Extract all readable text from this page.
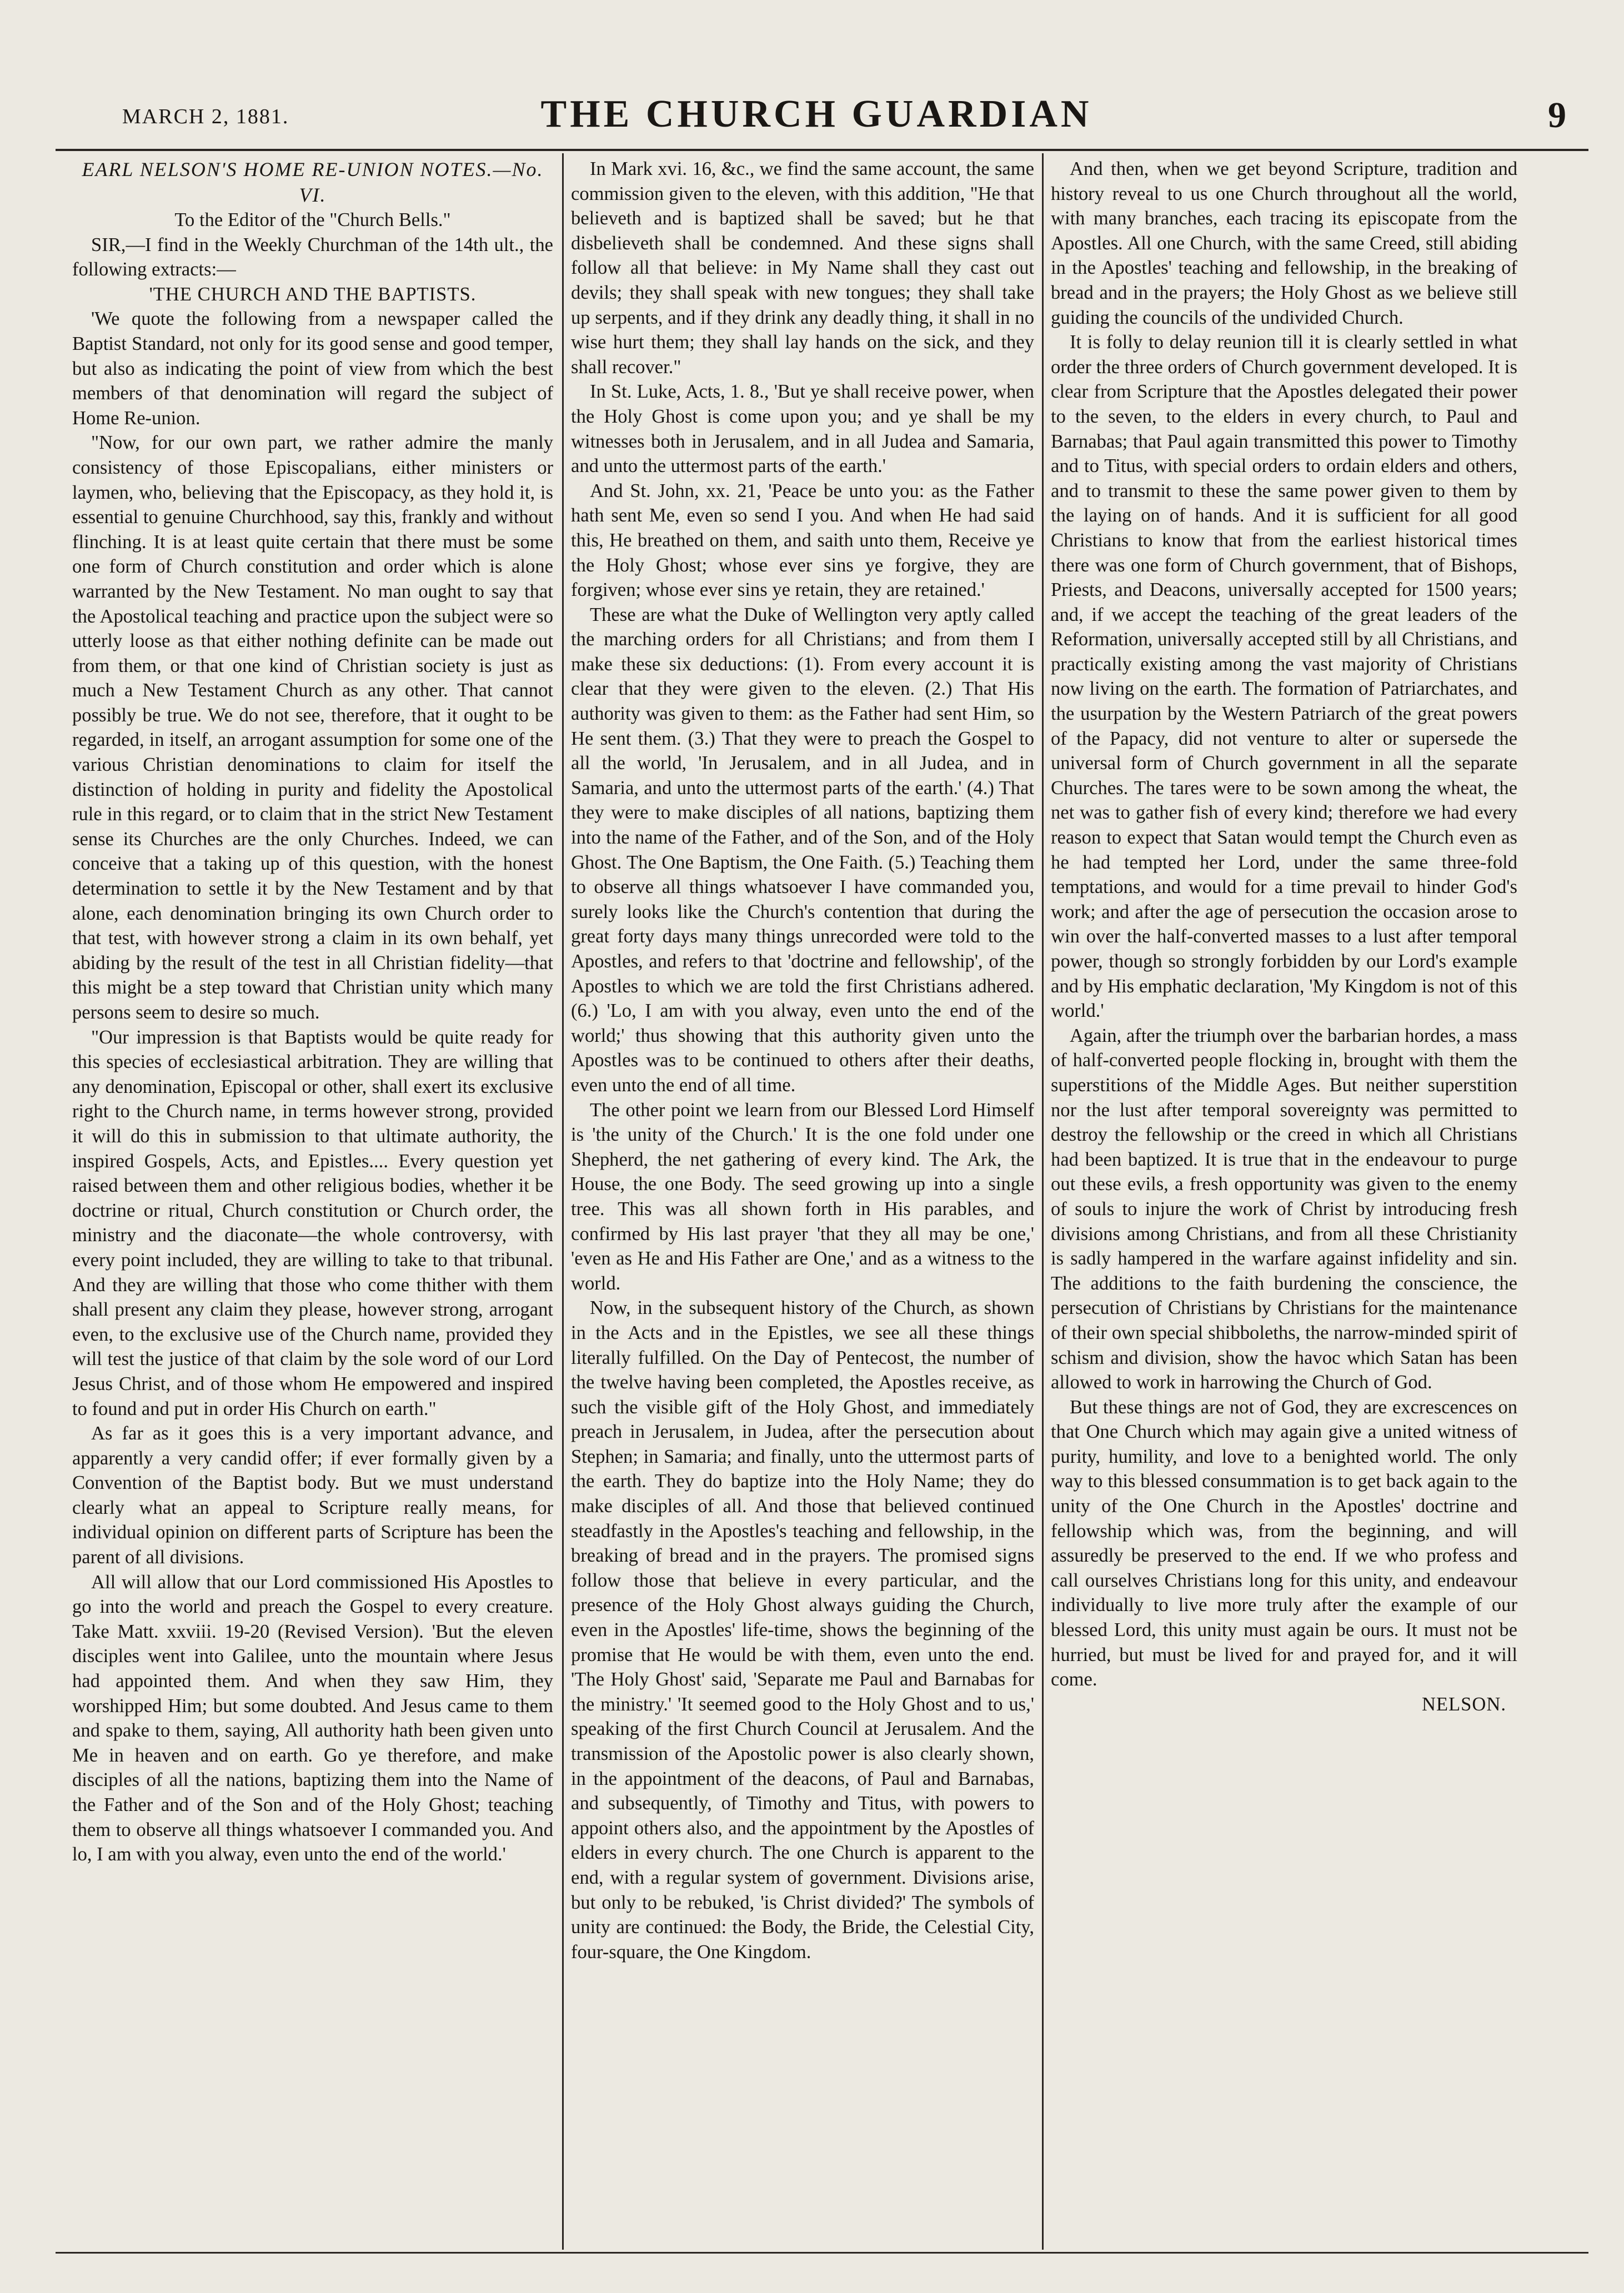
MARCH 2, 1881.	THE CHURCH GUARDIAN	9

EARL NELSON'S HOME RE-UNION NOTES.—No. VI.

To the Editor of the "Church Bells."

SIR,—I find in the Weekly Churchman of the 14th ult., the following extracts:—

'THE CHURCH AND THE BAPTISTS.

'We quote the following from a newspaper called the Baptist Standard, not only for its good sense and good temper, but also as indicating the point of view from which the best members of that denomination will regard the subject of Home Re-union.

"Now, for our own part, we rather admire the manly consistency of those Episcopalians, either ministers or laymen, who, believing that the Episcopacy, as they hold it, is essential to genuine Churchhood, say this, frankly and without flinching. It is at least quite certain that there must be some one form of Church constitution and order which is alone warranted by the New Testament. No man ought to say that the Apostolical teaching and practice upon the subject were so utterly loose as that either nothing definite can be made out from them, or that one kind of Christian society is just as much a New Testament Church as any other. That cannot possibly be true. We do not see, therefore, that it ought to be regarded, in itself, an arrogant assumption for some one of the various Christian denominations to claim for itself the distinction of holding in purity and fidelity the Apostolical rule in this regard, or to claim that in the strict New Testament sense its Churches are the only Churches. Indeed, we can conceive that a taking up of this question, with the honest determination to settle it by the New Testament and by that alone, each denomination bringing its own Church order to that test, with however strong a claim in its own behalf, yet abiding by the result of the test in all Christian fidelity—that this might be a step toward that Christian unity which many persons seem to desire so much.

"Our impression is that Baptists would be quite ready for this species of ecclesiastical arbitration. They are willing that any denomination, Episcopal or other, shall exert its exclusive right to the Church name, in terms however strong, provided it will do this in submission to that ultimate authority, the inspired Gospels, Acts, and Epistles.... Every question yet raised between them and other religious bodies, whether it be doctrine or ritual, Church constitution or Church order, the ministry and the diaconate—the whole controversy, with every point included, they are willing to take to that tribunal. And they are willing that those who come thither with them shall present any claim they please, however strong, arrogant even, to the exclusive use of the Church name, provided they will test the justice of that claim by the sole word of our Lord Jesus Christ, and of those whom He empowered and inspired to found and put in order His Church on earth."

As far as it goes this is a very important advance, and apparently a very candid offer; if ever formally given by a Convention of the Baptist body. But we must understand clearly what an appeal to Scripture really means, for individual opinion on different parts of Scripture has been the parent of all divisions.

All will allow that our Lord commissioned His Apostles to go into the world and preach the Gospel to every creature. Take Matt. xxviii. 19-20 (Revised Version). 'But the eleven disciples went into Galilee, unto the mountain where Jesus had appointed them. And when they saw Him, they worshipped Him; but some doubted. And Jesus came to them and spake to them, saying, All authority hath been given unto Me in heaven and on earth. Go ye therefore, and make disciples of all the nations, baptizing them into the Name of the Father and of the Son and of the Holy Ghost; teaching them to observe all things whatsoever I commanded you. And lo, I am with you alway, even unto the end of the world.'

In Mark xvi. 16, &c., we find the same account, the same commission given to the eleven, with this addition, "He that believeth and is baptized shall be saved; but he that disbelieveth shall be condemned. And these signs shall follow all that believe: in My Name shall they cast out devils; they shall speak with new tongues; they shall take up serpents, and if they drink any deadly thing, it shall in no wise hurt them; they shall lay hands on the sick, and they shall recover."

In St. Luke, Acts, 1. 8., 'But ye shall receive power, when the Holy Ghost is come upon you; and ye shall be my witnesses both in Jerusalem, and in all Judea and Samaria, and unto the uttermost parts of the earth.'

And St. John, xx. 21, 'Peace be unto you: as the Father hath sent Me, even so send I you. And when He had said this, He breathed on them, and saith unto them, Receive ye the Holy Ghost; whose ever sins ye forgive, they are forgiven; whose ever sins ye retain, they are retained.'

These are what the Duke of Wellington very aptly called the marching orders for all Christians; and from them I make these six deductions: (1). From every account it is clear that they were given to the eleven. (2.) That His authority was given to them: as the Father had sent Him, so He sent them. (3.) That they were to preach the Gospel to all the world, 'In Jerusalem, and in all Judea, and in Samaria, and unto the uttermost parts of the earth.' (4.) That they were to make disciples of all nations, baptizing them into the name of the Father, and of the Son, and of the Holy Ghost. The One Baptism, the One Faith. (5.) Teaching them to observe all things whatsoever I have commanded you, surely looks like the Church's contention that during the great forty days many things unrecorded were told to the Apostles, and refers to that 'doctrine and fellowship', of the Apostles to which we are told the first Christians adhered. (6.) 'Lo, I am with you alway, even unto the end of the world;' thus showing that this authority given unto the Apostles was to be continued to others after their deaths, even unto the end of all time.

The other point we learn from our Blessed Lord Himself is 'the unity of the Church.' It is the one fold under one Shepherd, the net gathering of every kind. The Ark, the House, the one Body. The seed growing up into a single tree. This was all shown forth in His parables, and confirmed by His last prayer 'that they all may be one,' 'even as He and His Father are One,' and as a witness to the world.

Now, in the subsequent history of the Church, as shown in the Acts and in the Epistles, we see all these things literally fulfilled. On the Day of Pentecost, the number of the twelve having been completed, the Apostles receive, as such the visible gift of the Holy Ghost, and immediately preach in Jerusalem, in Judea, after the persecution about Stephen; in Samaria; and finally, unto the uttermost parts of the earth. They do baptize into the Holy Name; they do make disciples of all. And those that believed continued steadfastly in the Apostles's teaching and fellowship, in the breaking of bread and in the prayers. The promised signs follow those that believe in every particular, and the presence of the Holy Ghost always guiding the Church, even in the Apostles' life-time, shows the beginning of the promise that He would be with them, even unto the end. 'The Holy Ghost' said, 'Separate me Paul and Barnabas for the ministry.' 'It seemed good to the Holy Ghost and to us,' speaking of the first Church Council at Jerusalem. And the transmission of the Apostolic power is also clearly shown, in the appointment of the deacons, of Paul and Barnabas, and subsequently, of Timothy and Titus, with powers to appoint others also, and the appointment by the Apostles of elders in every church. The one Church is apparent to the end, with a regular system of government. Divisions arise, but only to be rebuked, 'is Christ divided?' The symbols of unity are continued: the Body, the Bride, the Celestial City, four-square, the One Kingdom.

And then, when we get beyond Scripture, tradition and history reveal to us one Church throughout all the world, with many branches, each tracing its episcopate from the Apostles. All one Church, with the same Creed, still abiding in the Apostles' teaching and fellowship, in the breaking of bread and in the prayers; the Holy Ghost as we believe still guiding the councils of the undivided Church.

It is folly to delay reunion till it is clearly settled in what order the three orders of Church government developed. It is clear from Scripture that the Apostles delegated their power to the seven, to the elders in every church, to Paul and Barnabas; that Paul again transmitted this power to Timothy and to Titus, with special orders to ordain elders and others, and to transmit to these the same power given to them by the laying on of hands. And it is sufficient for all good Christians to know that from the earliest historical times there was one form of Church government, that of Bishops, Priests, and Deacons, universally accepted for 1500 years; and, if we accept the teaching of the great leaders of the Reformation, universally accepted still by all Christians, and practically existing among the vast majority of Christians now living on the earth. The formation of Patriarchates, and the usurpation by the Western Patriarch of the great powers of the Papacy, did not venture to alter or supersede the universal form of Church government in all the separate Churches. The tares were to be sown among the wheat, the net was to gather fish of every kind; therefore we had every reason to expect that Satan would tempt the Church even as he had tempted her Lord, under the same three-fold temptations, and would for a time prevail to hinder God's work; and after the age of persecution the occasion arose to win over the half-converted masses to a lust after temporal power, though so strongly forbidden by our Lord's example and by His emphatic declaration, 'My Kingdom is not of this world.'

Again, after the triumph over the barbarian hordes, a mass of half-converted people flocking in, brought with them the superstitions of the Middle Ages. But neither superstition nor the lust after temporal sovereignty was permitted to destroy the fellowship or the creed in which all Christians had been baptized. It is true that in the endeavour to purge out these evils, a fresh opportunity was given to the enemy of souls to injure the work of Christ by introducing fresh divisions among Christians, and from all these Christianity is sadly hampered in the warfare against infidelity and sin. The additions to the faith burdening the conscience, the persecution of Christians by Christians for the maintenance of their own special shibboleths, the narrow-minded spirit of schism and division, show the havoc which Satan has been allowed to work in harrowing the Church of God.

But these things are not of God, they are excrescences on that One Church which may again give a united witness of purity, humility, and love to a benighted world. The only way to this blessed consummation is to get back again to the unity of the One Church in the Apostles' doctrine and fellowship which was, from the beginning, and will assuredly be preserved to the end. If we who profess and call ourselves Christians long for this unity, and endeavour individually to live more truly after the example of our blessed Lord, this unity must again be ours. It must not be hurried, but must be lived for and prayed for, and it will come.

NELSON.
